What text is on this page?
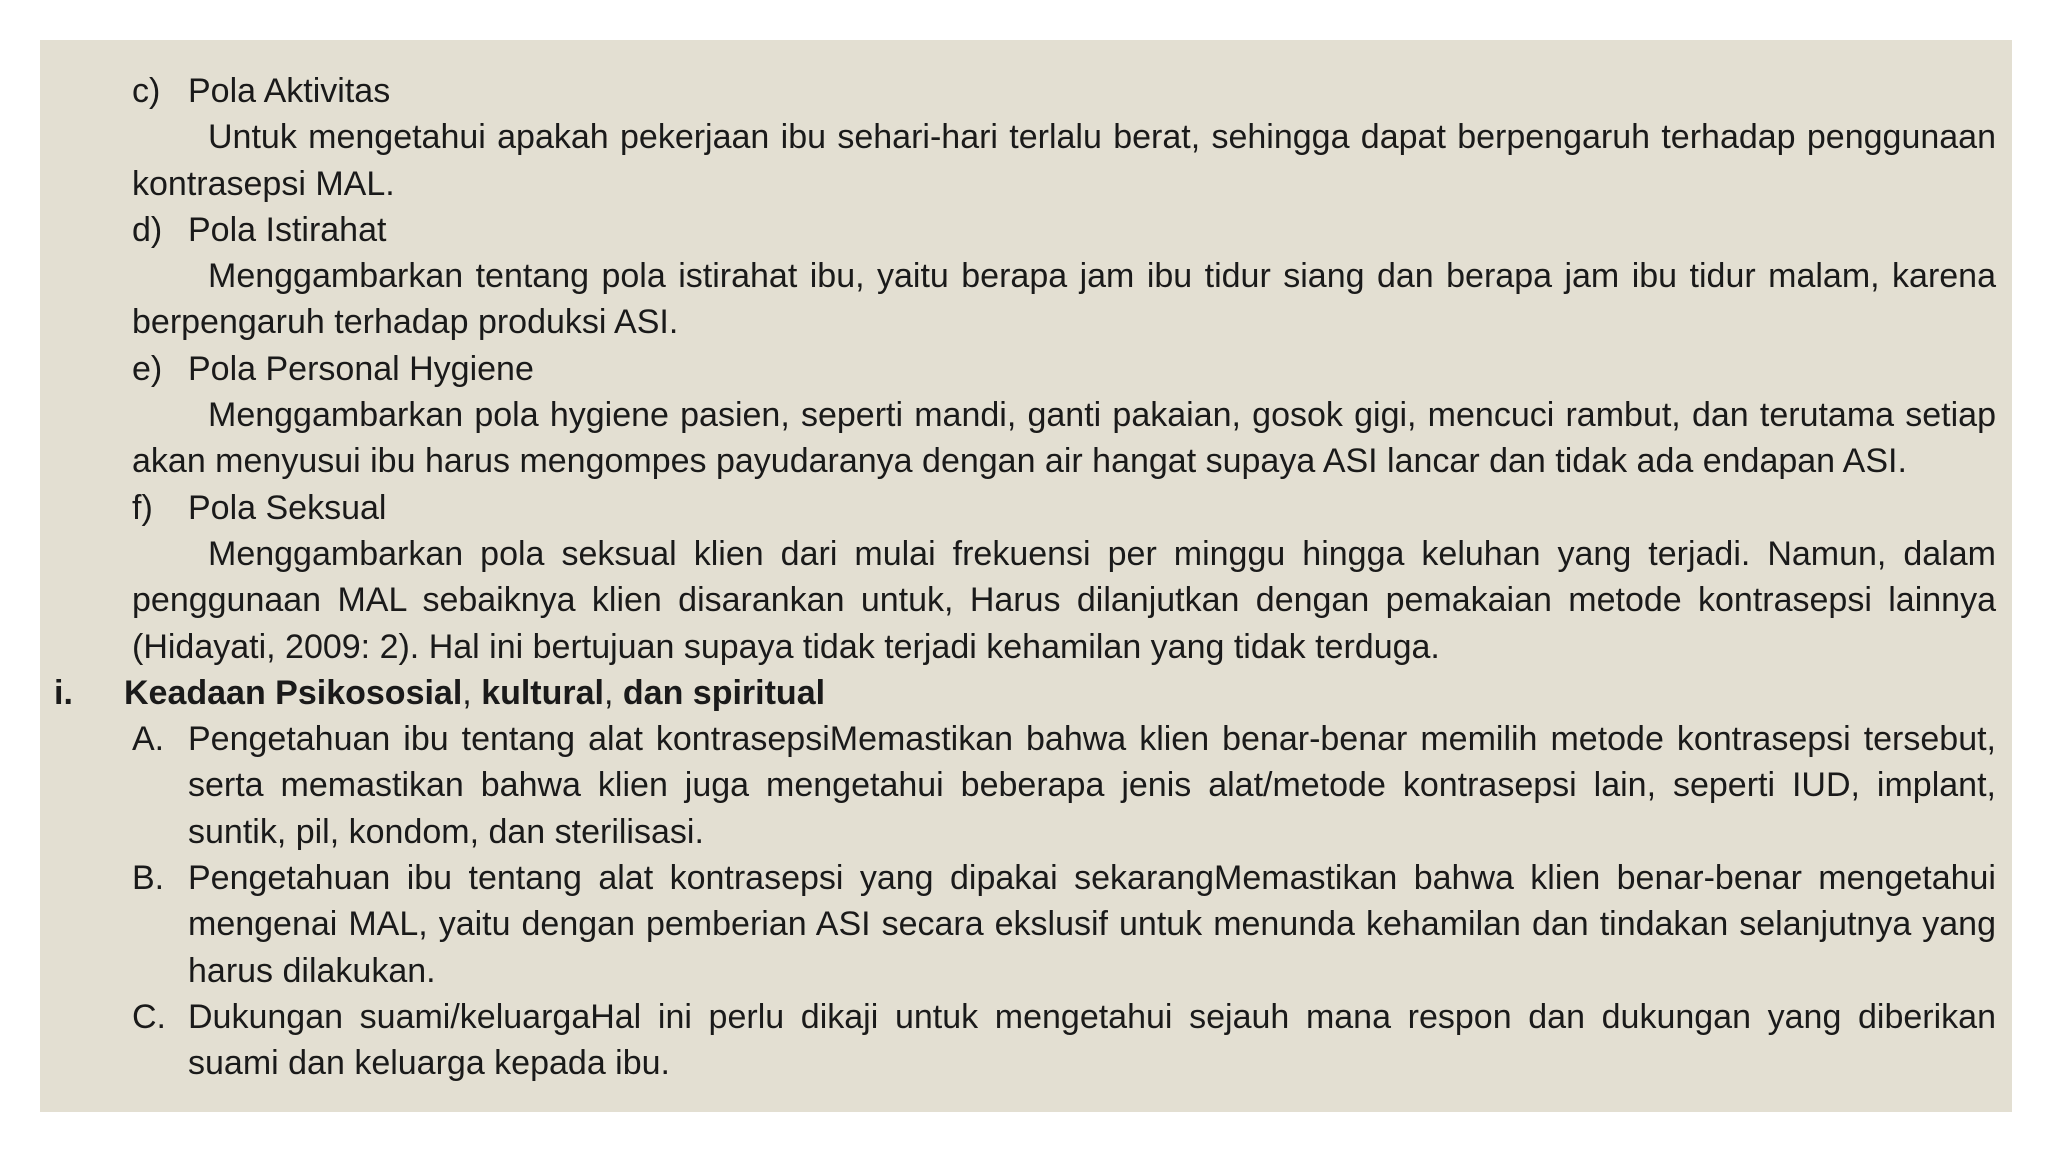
c) Pola Aktivitas

Untuk mengetahui apakah pekerjaan ibu sehari-hari terlalu berat, sehingga dapat berpengaruh terhadap penggunaan kontrasepsi MAL.

d) Pola Istirahat

Menggambarkan tentang pola istirahat ibu, yaitu berapa jam ibu tidur siang dan berapa jam ibu tidur malam, karena berpengaruh terhadap produksi ASI.

e) Pola Personal Hygiene

Menggambarkan pola hygiene pasien, seperti mandi, ganti pakaian, gosok gigi, mencuci rambut, dan terutama setiap akan menyusui ibu harus mengompes payudaranya dengan air hangat supaya ASI lancar dan tidak ada endapan ASI.

f) Pola Seksual

Menggambarkan pola seksual klien dari mulai frekuensi per minggu hingga keluhan yang terjadi. Namun, dalam penggunaan MAL sebaiknya klien disarankan untuk, Harus dilanjutkan dengan pemakaian metode kontrasepsi lainnya (Hidayati, 2009: 2). Hal ini bertujuan supaya tidak terjadi kehamilan yang tidak terduga.

i. Keadaan Psikososial, kultural, dan spiritual

A. Pengetahuan ibu tentang alat kontrasepsiMemastikan bahwa klien benar-benar memilih metode kontrasepsi tersebut, serta memastikan bahwa klien juga mengetahui beberapa jenis alat/metode kontrasepsi lain, seperti IUD, implant, suntik, pil, kondom, dan sterilisasi.

B. Pengetahuan ibu tentang alat kontrasepsi yang dipakai sekarangMemastikan bahwa klien benar-benar mengetahui mengenai MAL, yaitu dengan pemberian ASI secara ekslusif untuk menunda kehamilan dan tindakan selanjutnya yang harus dilakukan.

C. Dukungan suami/keluargaHal ini perlu dikaji untuk mengetahui sejauh mana respon dan dukungan yang diberikan suami dan keluarga kepada ibu.
